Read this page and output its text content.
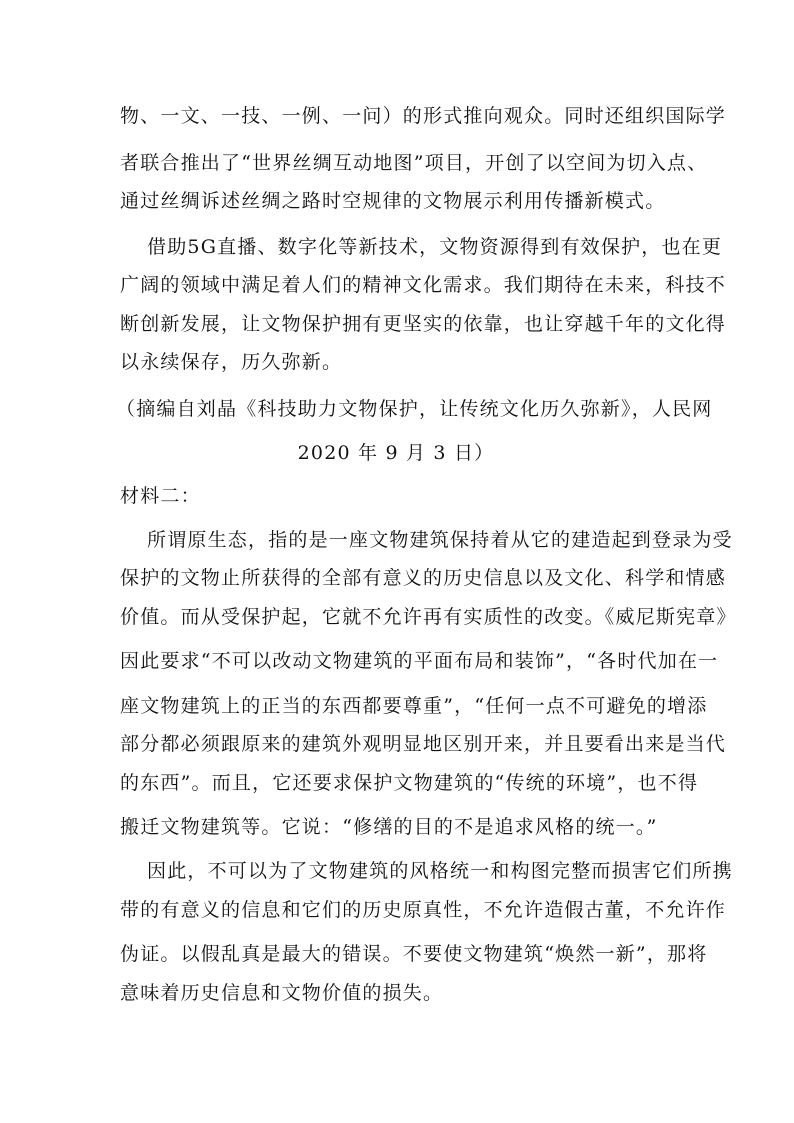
物、一文、一技、一例、一问）的形式推向观众。同时还组织国际学
者联合推出了“世界丝绸互动地图”项目，开创了以空间为切入点、
通过丝绸诉述丝绸之路时空规律的文物展示利用传播新模式。
借助5G直播、数字化等新技术，文物资源得到有效保护，也在更
广阔的领域中满足着人们的精神文化需求。我们期待在未来，科技不
断创新发展，让文物保护拥有更坚实的依靠，也让穿越千年的文化得
以永续保存，历久弥新。
（摘编自刘晶《科技助力文物保护，让传统文化历久弥新》，人民网
2020 年 9 月 3 日）
材料二：
所谓原生态，指的是一座文物建筑保持着从它的建造起到登录为受
保护的文物止所获得的全部有意义的历史信息以及文化、科学和情感
价值。而从受保护起，它就不允许再有实质性的改变。《威尼斯宪章》
因此要求“不可以改动文物建筑的平面布局和装饰”，“各时代加在一
座文物建筑上的正当的东西都要尊重”，“任何一点不可避免的增添
部分都必须跟原来的建筑外观明显地区别开来，并且要看出来是当代
的东西”。而且，它还要求保护文物建筑的“传统的环境”，也不得
搬迁文物建筑等。它说：“修缮的目的不是追求风格的统一。”
因此，不可以为了文物建筑的风格统一和构图完整而损害它们所携
带的有意义的信息和它们的历史原真性，不允许造假古董，不允许作
伪证。以假乱真是最大的错误。不要使文物建筑“焕然一新”，那将
意味着历史信息和文物价值的损失。
